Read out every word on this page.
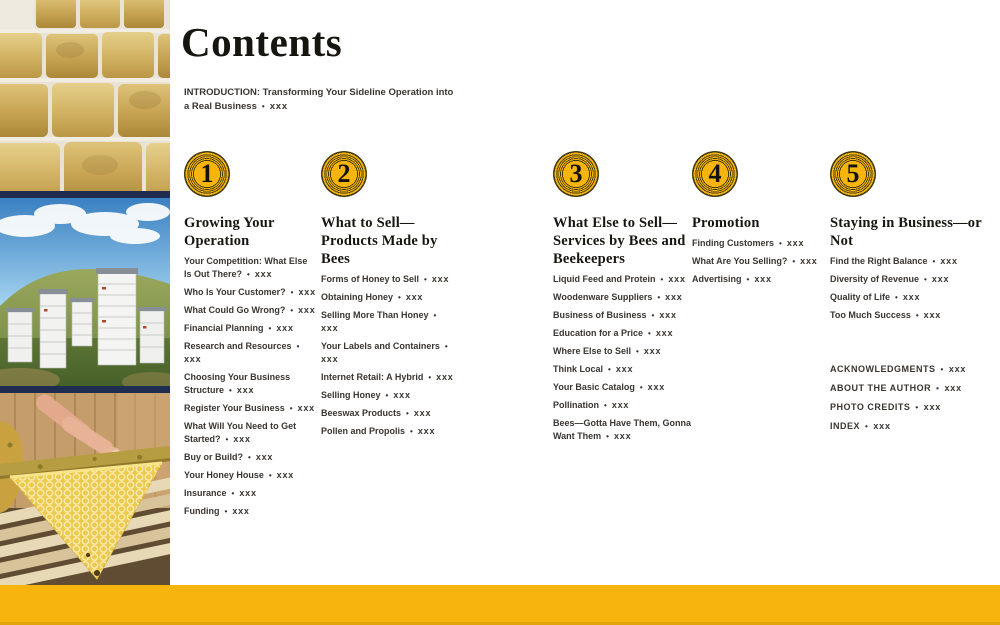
Contents
INTRODUCTION: Transforming Your Sideline Operation into a Real Business • xxx
1
Growing Your Operation
Your Competition: What Else Is Out There? • xxx
Who Is Your Customer? • xxx
What Could Go Wrong? • xxx
Financial Planning • xxx
Research and Resources •xxx
Choosing Your Business Structure • xxx
Register Your Business • xxx
What Will You Need to Get Started? • xxx
Buy or Build? • xxx
Your Honey House • xxx
Insurance • xxx
Funding • xxx
2
What to Sell—​Products Made by Bees
Forms of Honey to Sell • xxx
Obtaining Honey • xxx
Selling More Than Honey •xxx
Your Labels and Containers •xxx
Internet Retail: A Hybrid • xxx
Selling Honey • xxx
Beeswax Products • xxx
Pollen and Propolis • xxx
3
What Else to Sell—​Services by Bees and Beekeepers
Liquid Feed and Protein • xxx
Woodenware Suppliers • xxx
Business of Business • xxx
Education for a Price • xxx
Where Else to Sell • xxx
Think Local • xxx
Your Basic Catalog • xxx
Pollination • xxx
Bees—​Gotta Have Them, Gonna Want Them • xxx
4
Promotion
Finding Customers • xxx
What Are You Selling? • xxx
Advertising • xxx
5
Staying in Business—​or Not
Find the Right Balance • xxx
Diversity of Revenue • xxx
Quality of Life • xxx
Too Much Success • xxx
ACKNOWLEDGMENTS • xxx
ABOUT THE AUTHOR • xxx
PHOTO CREDITS • xxx
INDEX • xxx
